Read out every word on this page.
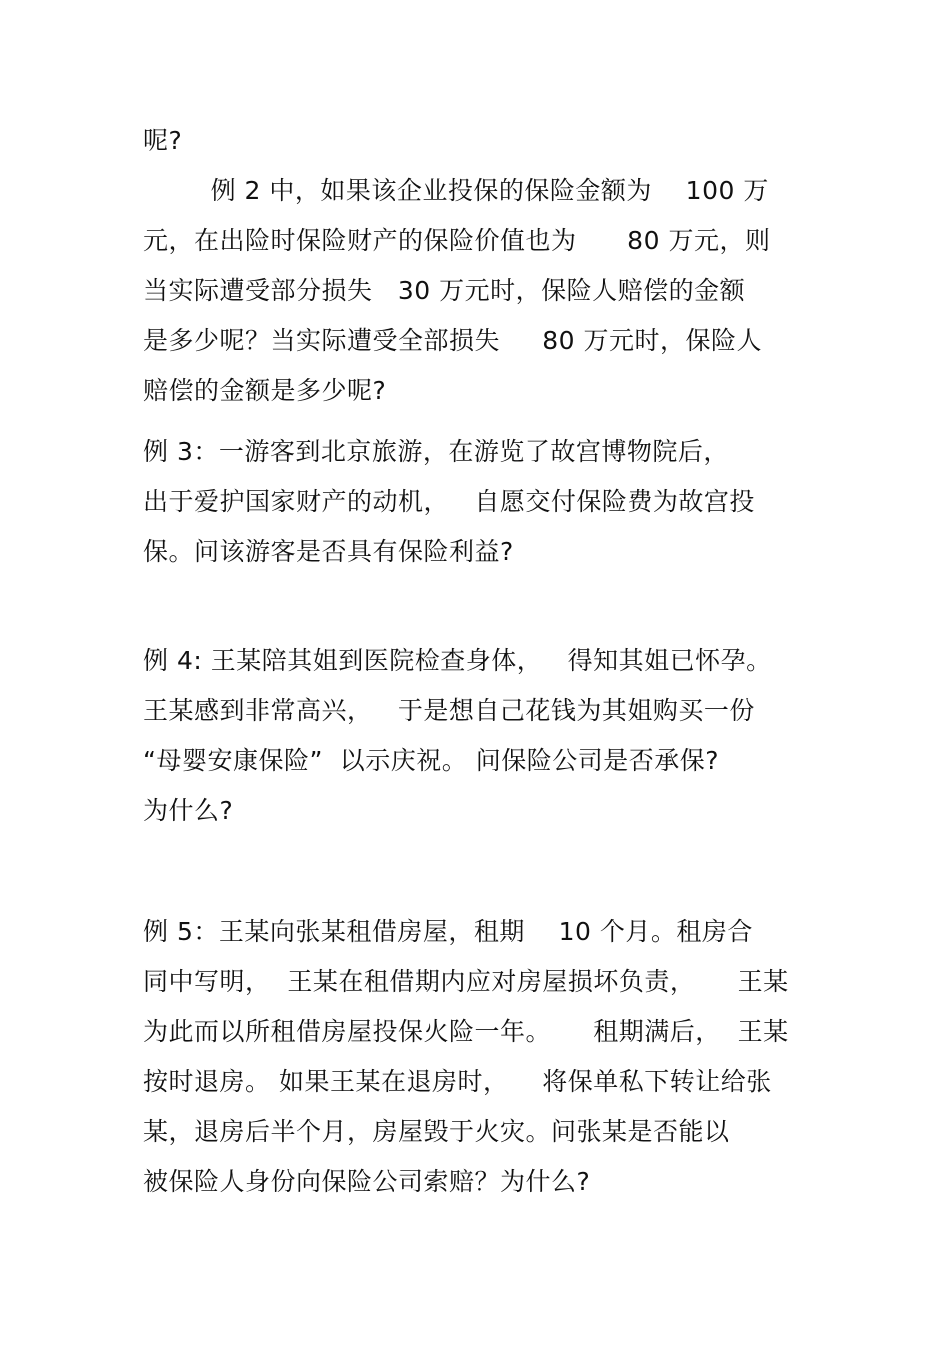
呢?
例 2 中，如果该企业投保的保险金额为    100 万
元，在出险时保险财产的保险价值也为      80 万元，则
当实际遭受部分损失   30 万元时，保险人赔偿的金额
是多少呢？当实际遭受全部损失     80 万元时，保险人
赔偿的金额是多少呢?
例 3：一游客到北京旅游，在游览了故宫博物院后，
出于爱护国家财产的动机，   自愿交付保险费为故宫投
保。问该游客是否具有保险利益?
例 4: 王某陪其姐到医院检查身体，   得知其姐已怀孕。
王某感到非常高兴，   于是想自己花钱为其姐购买一份
“母婴安康保险”  以示庆祝。 问保险公司是否承保?
为什么?
例 5：王某向张某租借房屋，租期    10 个月。租房合
同中写明，  王某在租借期内应对房屋损坏负责，     王某
为此而以所租借房屋投保火险一年。     租期满后，  王某
按时退房。 如果王某在退房时，    将保单私下转让给张
某，退房后半个月，房屋毁于火灾。问张某是否能以
被保险人身份向保险公司索赔？为什么?
